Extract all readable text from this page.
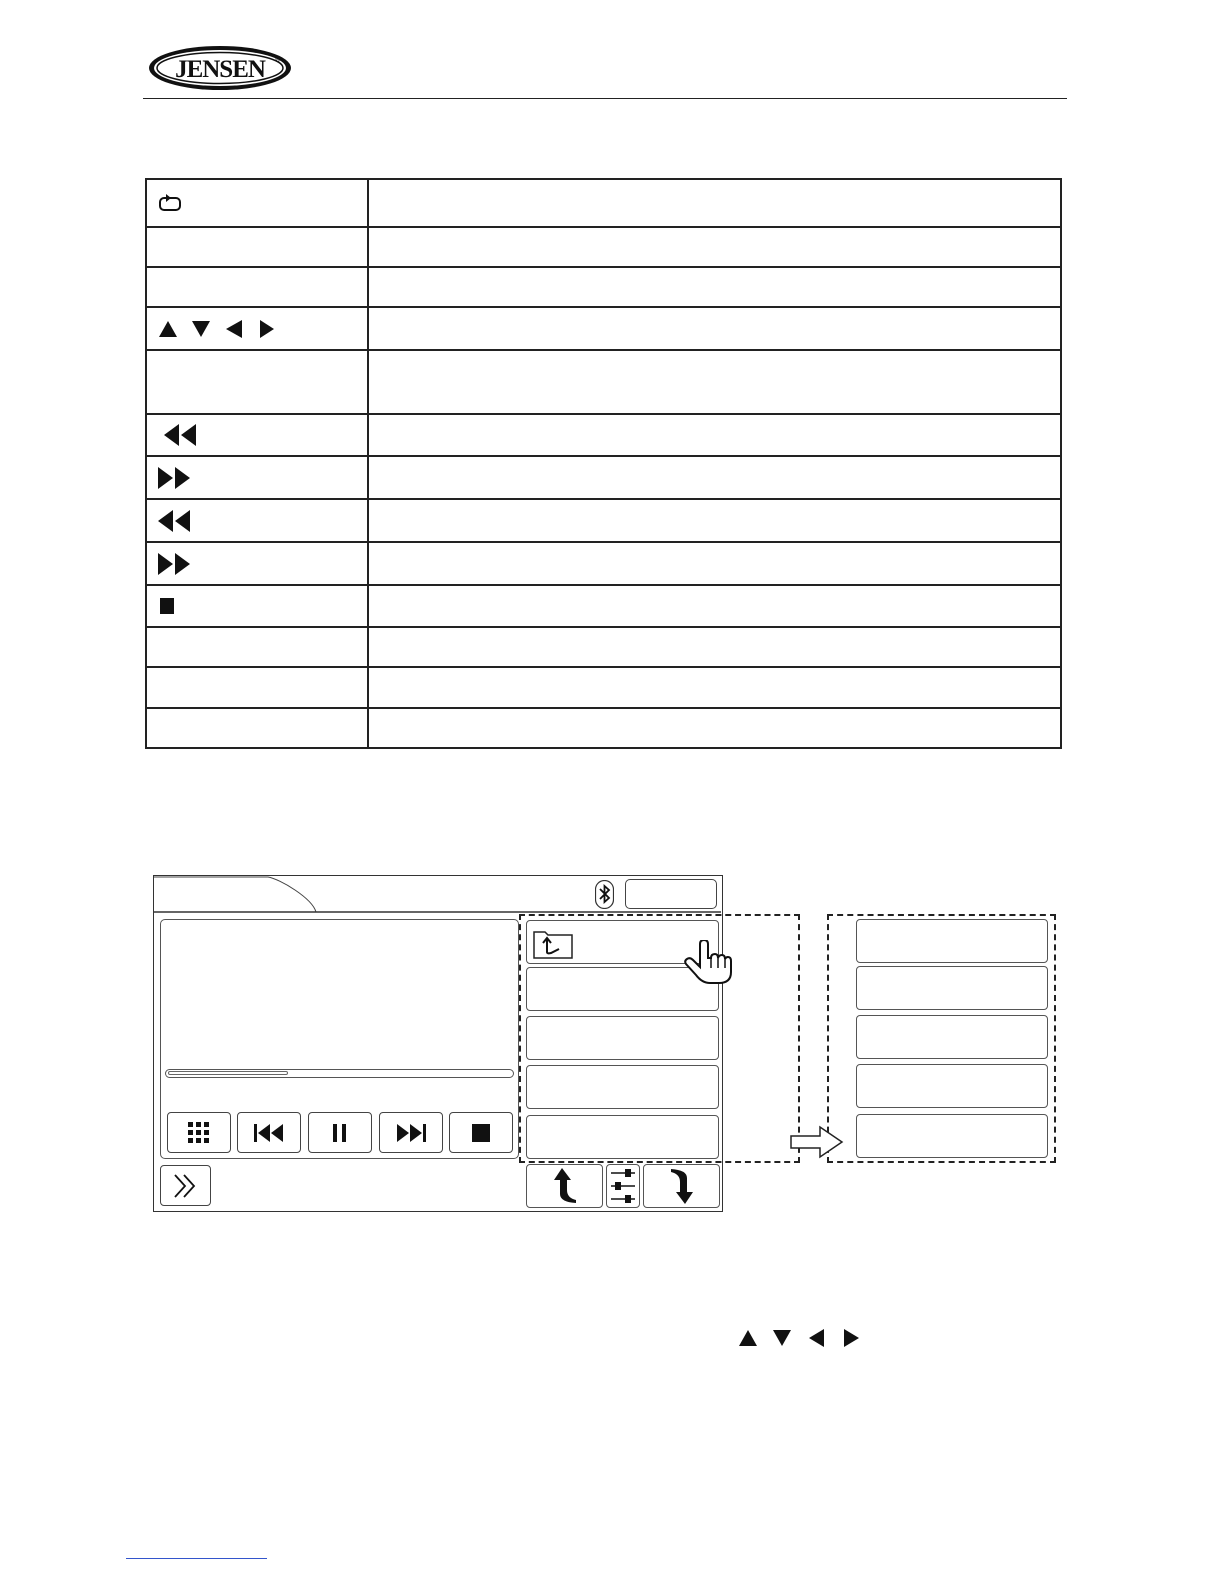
JENSEN ®
